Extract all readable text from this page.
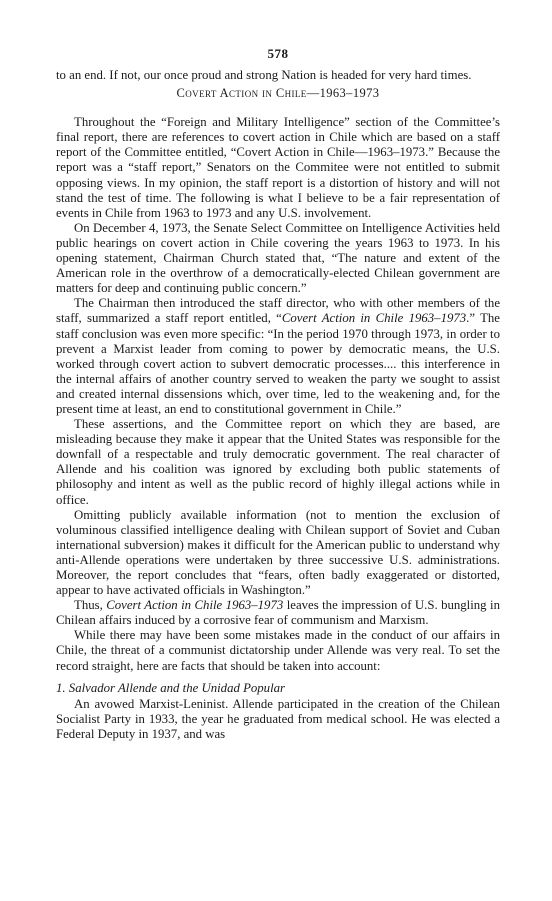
578

to an end. If not, our once proud and strong Nation is headed for very hard times.

Covert Action in Chile—1963–1973

Throughout the “Foreign and Military Intelligence” section of the Committee’s final report, there are references to covert action in Chile which are based on a staff report of the Committee entitled, “Covert Action in Chile—1963–1973.” Because the report was a “staff report,” Senators on the Commitee were not entitled to submit opposing views. In my opinion, the staff report is a distortion of history and will not stand the test of time. The following is what I believe to be a fair representation of events in Chile from 1963 to 1973 and any U.S. involvement.

On December 4, 1973, the Senate Select Committee on Intelligence Activities held public hearings on covert action in Chile covering the years 1963 to 1973. In his opening statement, Chairman Church stated that, “The nature and extent of the American role in the overthrow of a democratically-elected Chilean government are matters for deep and continuing public concern.”

The Chairman then introduced the staff director, who with other members of the staff, summarized a staff report entitled, “Covert Action in Chile 1963–1973.” The staff conclusion was even more specific: “In the period 1970 through 1973, in order to prevent a Marxist leader from coming to power by democratic means, the U.S. worked through covert action to subvert democratic processes.... this interference in the internal affairs of another country served to weaken the party we sought to assist and created internal dissensions which, over time, led to the weakening and, for the present time at least, an end to constitutional government in Chile.”

These assertions, and the Committee report on which they are based, are misleading because they make it appear that the United States was responsible for the downfall of a respectable and truly democratic government. The real character of Allende and his coalition was ignored by excluding both public statements of philosophy and intent as well as the public record of highly illegal actions while in office.

Omitting publicly available information (not to mention the exclusion of voluminous classified intelligence dealing with Chilean support of Soviet and Cuban international subversion) makes it difficult for the American public to understand why anti-Allende operations were undertaken by three successive U.S. administrations. Moreover, the report concludes that “fears, often badly exaggerated or distorted, appear to have activated officials in Washington.”

Thus, Covert Action in Chile 1963–1973 leaves the impression of U.S. bungling in Chilean affairs induced by a corrosive fear of communism and Marxism.

While there may have been some mistakes made in the conduct of our affairs in Chile, the threat of a communist dictatorship under Allende was very real. To set the record straight, here are facts that should be taken into account:

1. Salvador Allende and the Unidad Popular

An avowed Marxist-Leninist. Allende participated in the creation of the Chilean Socialist Party in 1933, the year he graduated from medical school. He was elected a Federal Deputy in 1937, and was
